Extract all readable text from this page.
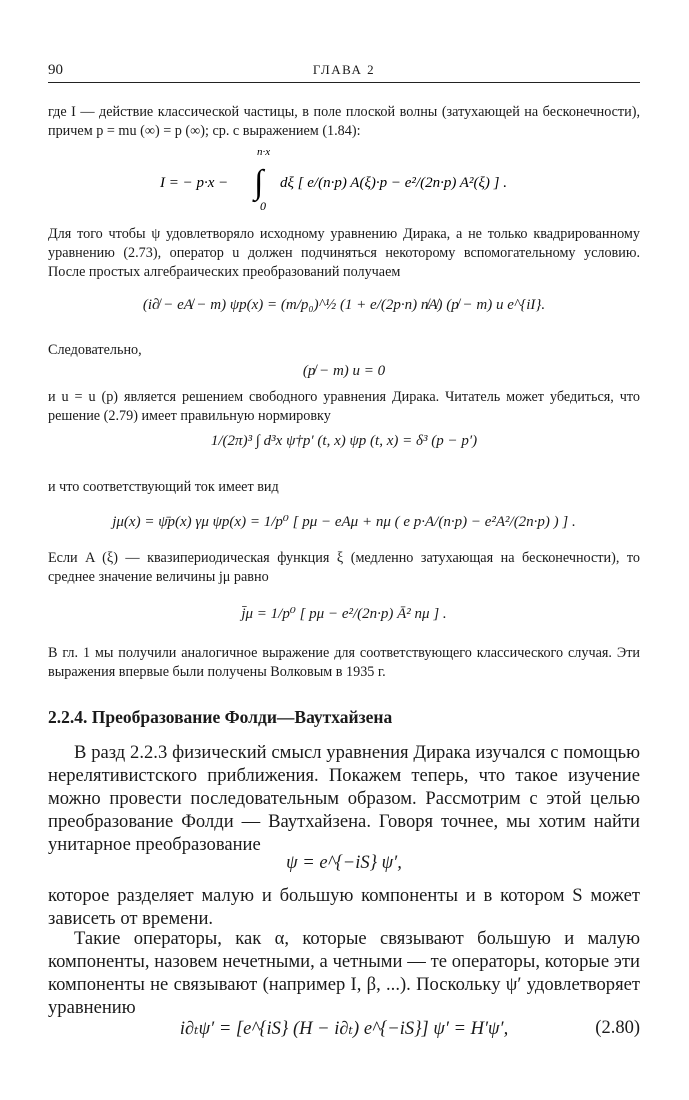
90	ГЛАВА 2

где I — действие классической частицы, в поле плоской волны (затухающей на бесконечности), причем p = mu (∞) = p (∞); ср. с выражением (1.84):

I = − p·x −
n·x
0
∫ dξ [ e/(n·p) A(ξ)·p − e²/(2n·p) A²(ξ) ] .

Для того чтобы ψ удовлетворяло исходному уравнению Дирака, а не только квадрированному уравнению (2.73), оператор u должен подчиняться некоторому вспомогательному условию. После простых алгебраических преобразований получаем

(i∂̸ − eA̸ − m) ψp(x) = (m/p₀)^½ (1 + e/(2p·n) n̸A̸) (p̸ − m) u e^{iI}.

Следовательно,

(p̸ − m) u = 0

и u = u (p) является решением свободного уравнения Дирака. Читатель может убедиться, что решение (2.79) имеет правильную нормировку

1/(2π)³ ∫ d³x ψ†p′ (t, x) ψp (t, x) = δ³ (p − p′)

и что соответствующий ток имеет вид

jμ(x) = ψ̄p(x) γμ ψp(x) = 1/p⁰ [ pμ − eAμ + nμ ( e p·A/(n·p) − e²A²/(2n·p) ) ] .

Если A (ξ) — квазипериодическая функция ξ (медленно затухающая на бесконечности), то среднее значение величины jμ равно

j̄μ = 1/p⁰ [ pμ − e²/(2n·p) Ā² nμ ] .

В гл. 1 мы получили аналогичное выражение для соответствующего классического случая. Эти выражения впервые были получены Волковым в 1935 г.

2.2.4. Преобразование Фолди—Ваутхайзена

В разд 2.2.3 физический смысл уравнения Дирака изучался с помощью нерелятивистского приближения. Покажем теперь, что такое изучение можно провести последовательным образом. Рассмотрим с этой целью преобразование Фолди — Ваутхайзена. Говоря точнее, мы хотим найти унитарное преобразование

ψ = e^{−iS} ψ′,

которое разделяет малую и большую компоненты и в котором S может зависеть от времени.

Такие операторы, как α, которые связывают большую и малую компоненты, назовем нечетными, а четными — те операторы, которые эти компоненты не связывают (например I, β, ...). Поскольку ψ′ удовлетворяет уравнению

i∂ₜψ′ = [e^{iS} (H − i∂ₜ) e^{−iS}] ψ′ = H′ψ′,	(2.80)
